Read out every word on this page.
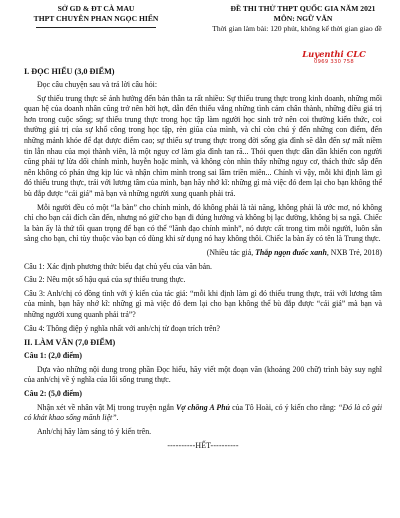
SỞ GD & ĐT CÀ MAU
THPT CHUYÊN PHAN NGỌC HIỂN
ĐỀ THI THỬ THPT QUỐC GIA NĂM 2021
MÔN: NGỮ VĂN
Thời gian làm bài: 120 phút, không kể thời gian giao đề
Luyenthi CLC
0969 330 758

I. ĐỌC HIỂU (3,0 ĐIỂM)

Đọc câu chuyện sau và trả lời câu hỏi:

Sự thiếu trung thực sẽ ảnh hưởng đến bản thân ta rất nhiều: Sự thiếu trung thực trong kinh doanh, những mối quan hệ của doanh nhân cũng trở nên hời hợt, dẫn đến thiếu vắng những tình cảm chân thành, những điều giá trị hơn trong cuộc sống; sự thiếu trung thực trong học tập làm người học sinh trở nên coi thường kiến thức, coi thường giá trị của sự khổ công trong học tập, rèn giũa của mình, và chỉ còn chú ý đến những con điểm, đến những mảnh khóe để đạt được điểm cao; sự thiếu sự trung thực trong đời sống gia đình sẽ dẫn đến sự mất niềm tin lẫn nhau của mọi thành viên, là một nguy cơ làm gia đình tan rã... Thói quen thực dần dần khiến con người cũng phải tự lừa dối chính mình, huyễn hoặc mình, và không còn nhìn thấy những nguy cơ, thách thức sắp đến nên không có phản ứng kịp lúc và nhận chìm mình trong sai lầm triền miên... Chính vì vậy, mỗi khi định làm gì đó thiếu trung thực, trái với lương tâm của mình, bạn hãy nhớ kĩ: những gì mà việc đó đem lại cho bạn không thể bù đắp được “cái giá” mà bạn và những người xung quanh phải trả.

Mỗi người đều có một “la bàn” cho chính mình, đó không phải là tài năng, không phải là ước mơ, nó không chỉ cho bạn cái đích cần đến, nhưng nó giữ cho bạn đi đúng hướng và không bị lạc đường, không bị sa ngã. Chiếc la bàn ấy là thứ tối quan trọng để bạn có thể “lãnh đạo chính mình”, nó được cất trong tim mỗi người, luôn sẵn sàng cho bạn, chỉ tùy thuộc vào bạn có dùng khi sử dụng nó hay không thôi. Chiếc la bàn ấy có tên là Trung thực.

(Nhiều tác giả, Thắp ngọn đuốc xanh, NXB Trẻ, 2018)

Câu 1: Xác định phương thức biểu đạt chủ yếu của văn bản.

Câu 2: Nêu một số hậu quả của sự thiếu trung thực.

Câu 3: Anh/chị có đồng tình với ý kiến của tác giả: “mỗi khi định làm gì đó thiếu trung thực, trái với lương tâm của mình, bạn hãy nhớ kĩ: những gì mà việc đó đem lại cho bạn không thể bù đắp được “cái giá” mà bạn và những người xung quanh phải trả”?

Câu 4: Thông điệp ý nghĩa nhất với anh/chị từ đoạn trích trên?

II. LÀM VĂN (7,0 ĐIỂM)

Câu 1: (2,0 điểm)

Dựa vào những nội dung trong phần Đọc hiểu, hãy viết một đoạn văn (khoảng 200 chữ) trình bày suy nghĩ của anh/chị về ý nghĩa của lối sống trung thực.

Câu 2: (5,0 điểm)

Nhận xét về nhân vật Mị trong truyện ngắn Vợ chồng A Phủ của Tô Hoài, có ý kiến cho rằng: “Đó là cô gái có khát khao sống mãnh liệt”.

Anh/chị hãy làm sáng tỏ ý kiến trên.

----------HẾT----------
